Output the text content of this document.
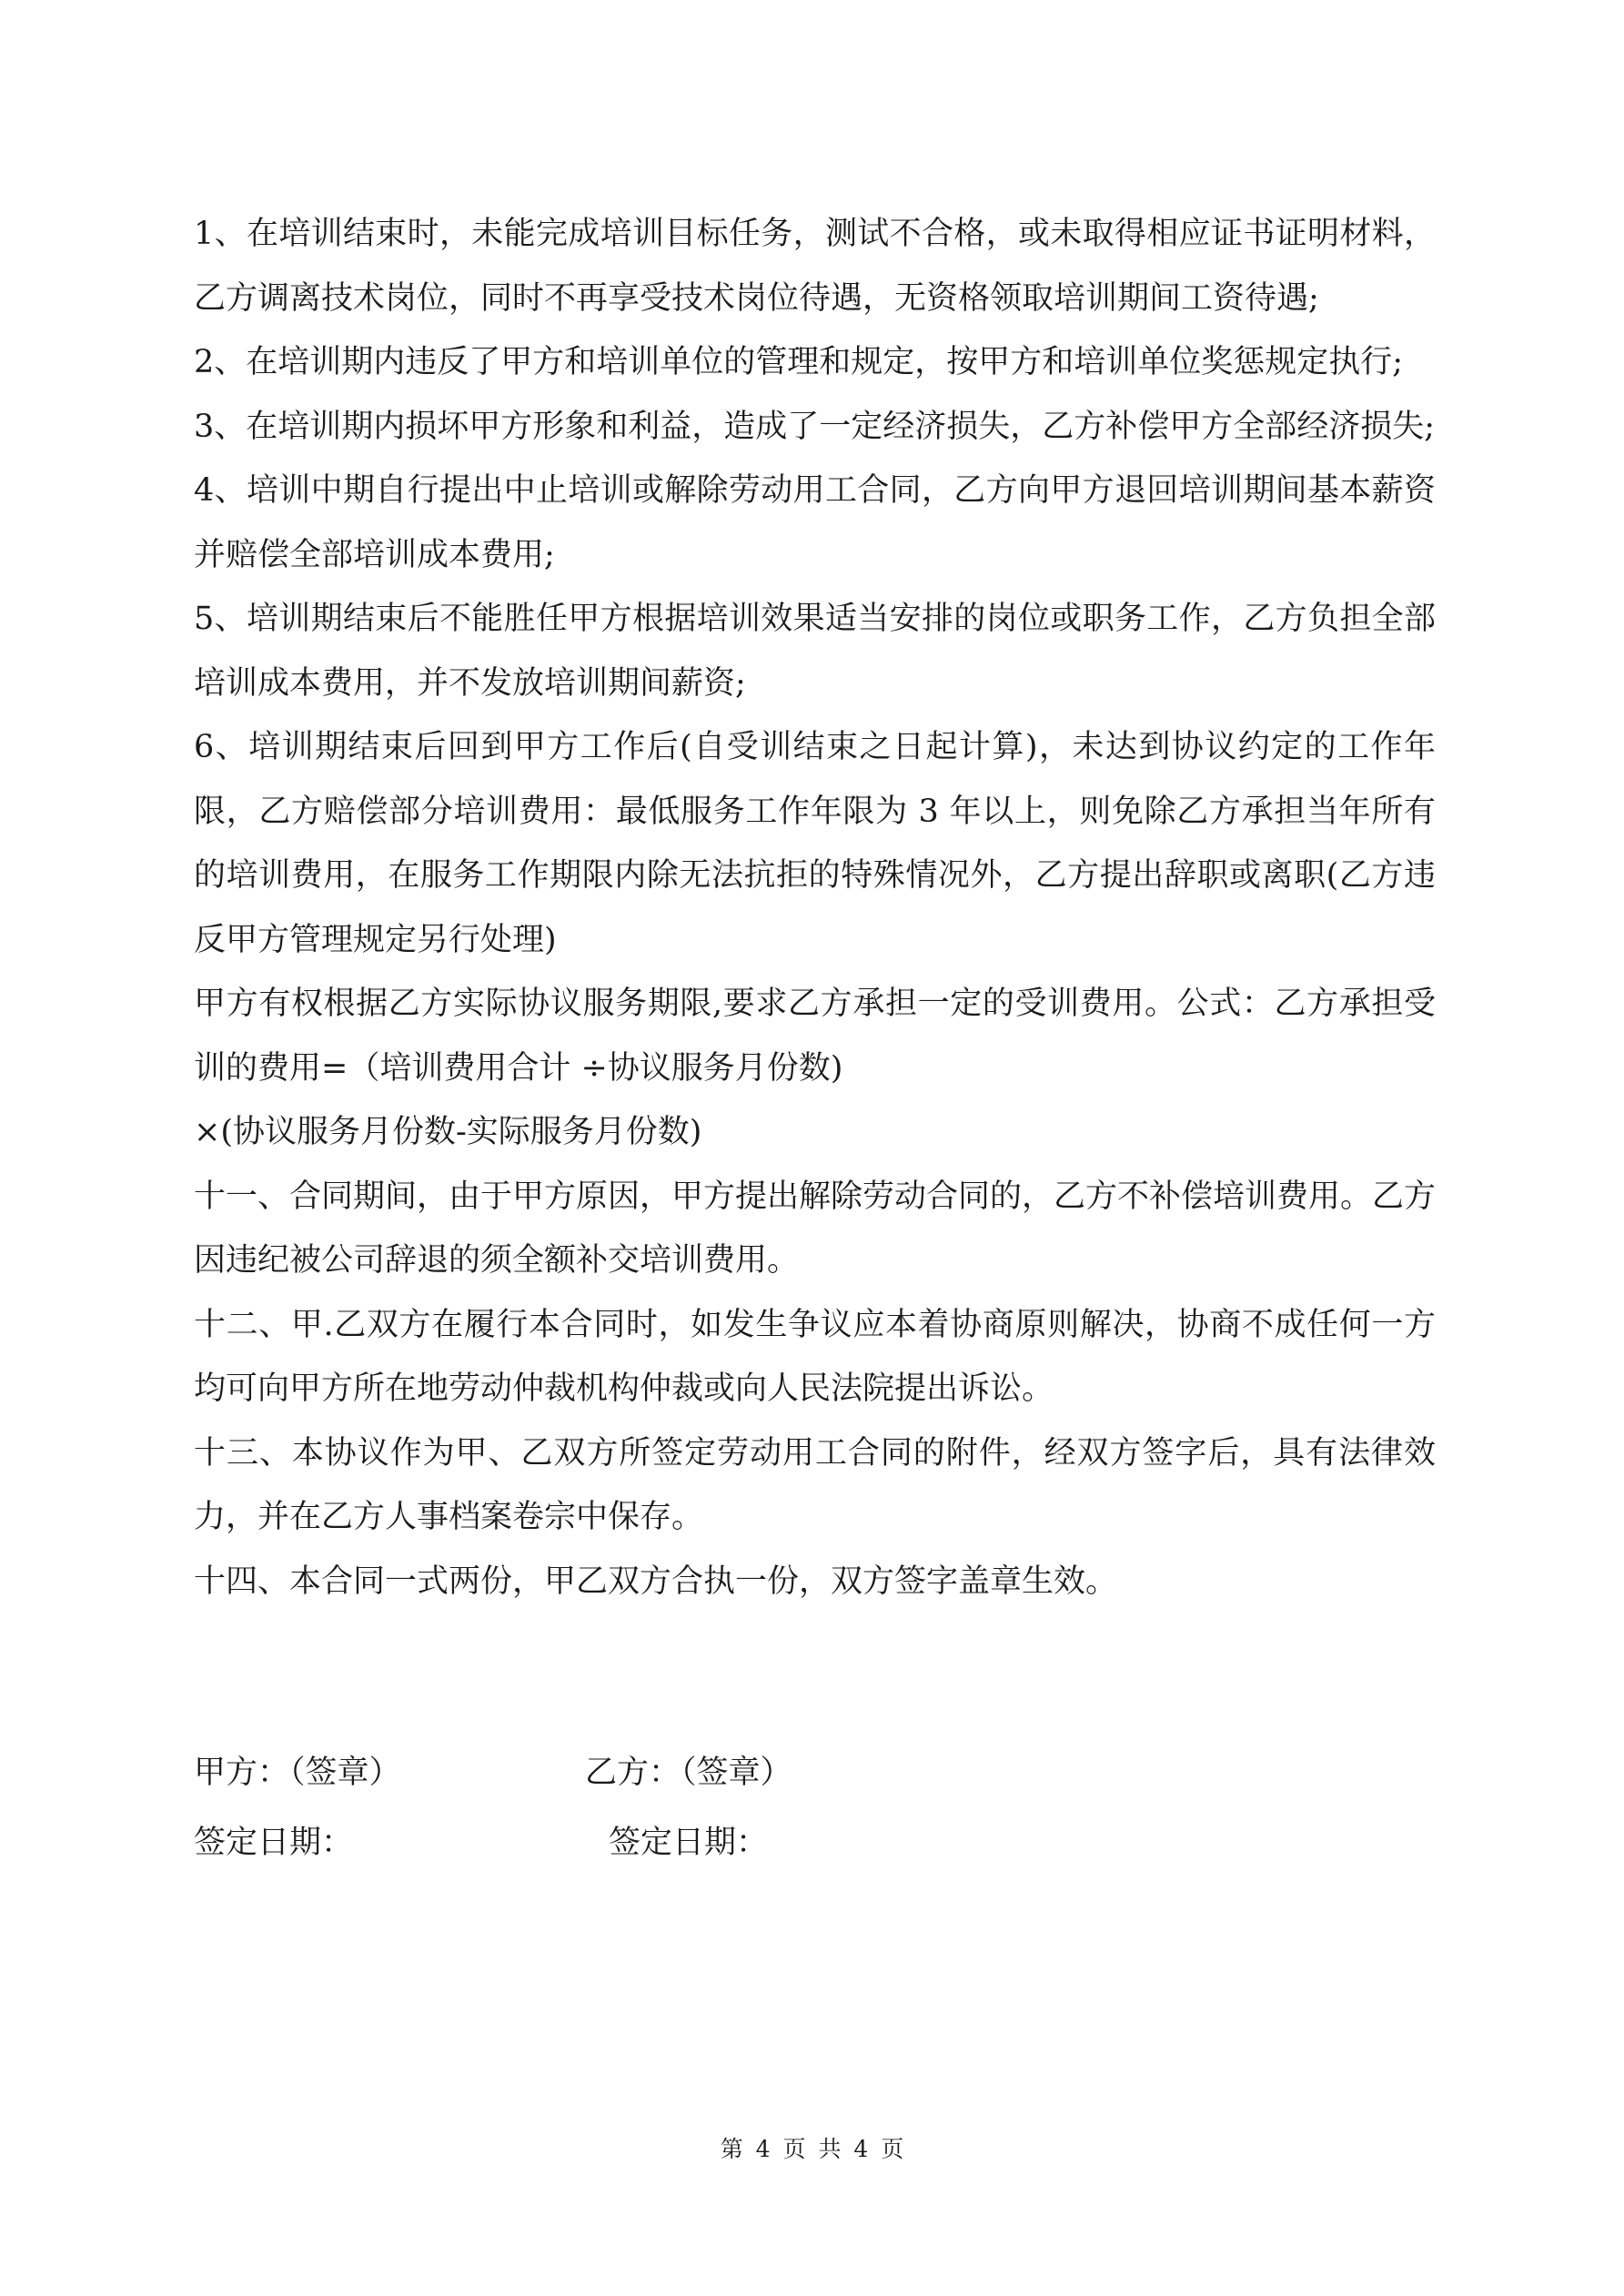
1、在培训结束时，未能完成培训目标任务，测试不合格，或未取得相应证书证明材料，乙方调离技术岗位，同时不再享受技术岗位待遇，无资格领取培训期间工资待遇;

2、在培训期内违反了甲方和培训单位的管理和规定，按甲方和培训单位奖惩规定执行;

3、在培训期内损坏甲方形象和利益，造成了一定经济损失，乙方补偿甲方全部经济损失;

4、培训中期自行提出中止培训或解除劳动用工合同，乙方向甲方退回培训期间基本薪资并赔偿全部培训成本费用;

5、培训期结束后不能胜任甲方根据培训效果适当安排的岗位或职务工作，乙方负担全部培训成本费用，并不发放培训期间薪资;

6、培训期结束后回到甲方工作后(自受训结束之日起计算)，未达到协议约定的工作年限，乙方赔偿部分培训费用：最低服务工作年限为 3 年以上，则免除乙方承担当年所有的培训费用，在服务工作期限内除无法抗拒的特殊情况外，乙方提出辞职或离职(乙方违反甲方管理规定另行处理)

甲方有权根据乙方实际协议服务期限,要求乙方承担一定的受训费用。公式：乙方承担受训的费用=（培训费用合计 ÷协议服务月份数)

×(协议服务月份数-实际服务月份数)

十一、合同期间，由于甲方原因，甲方提出解除劳动合同的，乙方不补偿培训费用。乙方因违纪被公司辞退的须全额补交培训费用。

十二、甲.乙双方在履行本合同时，如发生争议应本着协商原则解决，协商不成任何一方均可向甲方所在地劳动仲裁机构仲裁或向人民法院提出诉讼。

十三、本协议作为甲、乙双方所签定劳动用工合同的附件，经双方签字后，具有法律效力，并在乙方人事档案卷宗中保存。

十四、本合同一式两份，甲乙双方合执一份，双方签字盖章生效。

甲方：（签章）	乙方：（签章）
签定日期：	签定日期：
第 4 页 共 4 页
